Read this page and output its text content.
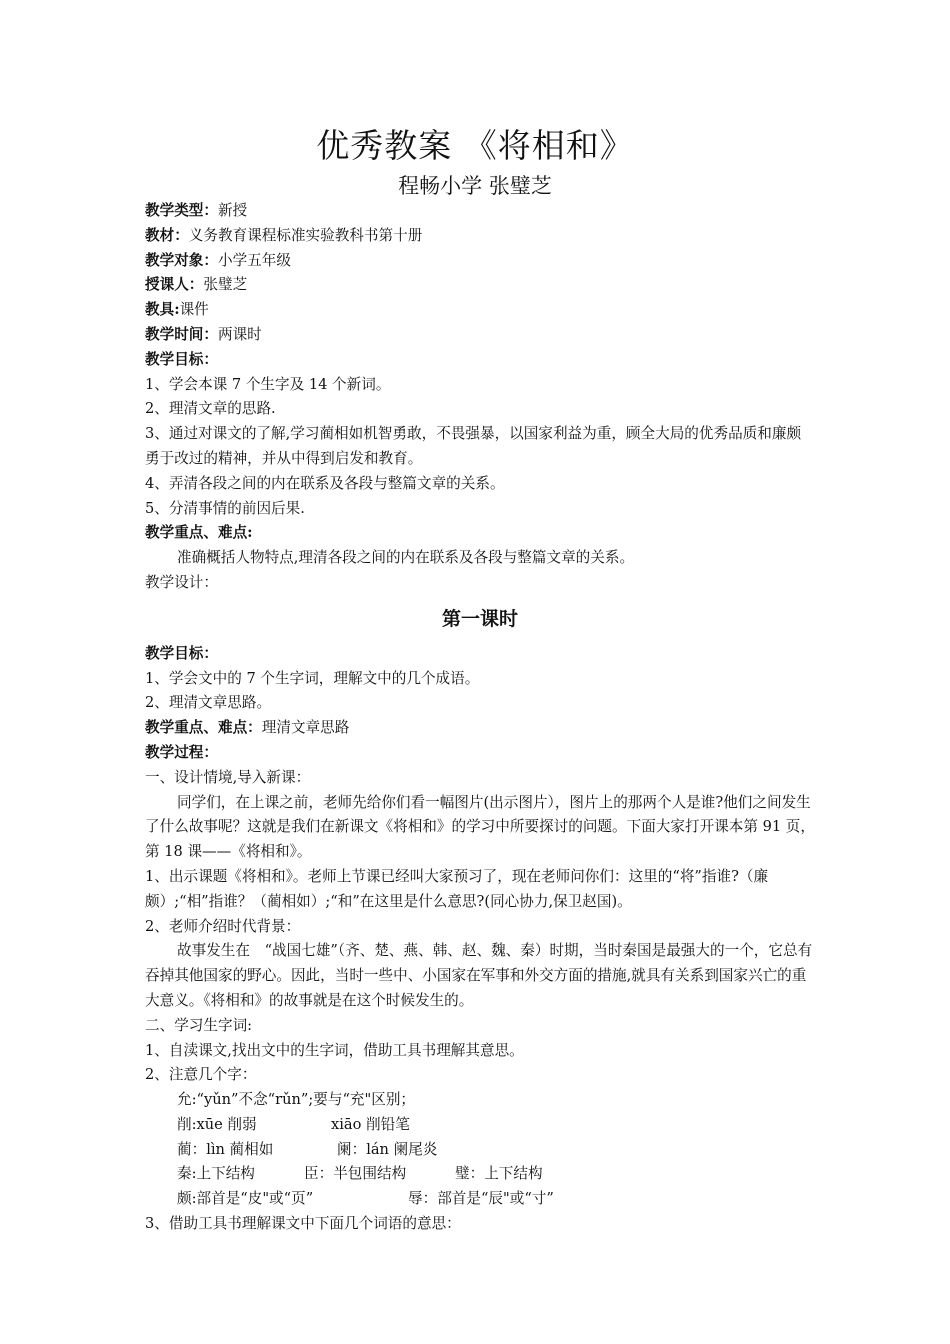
优秀教案 《将相和》
程畅小学 张璧芝

教学类型：新授

教材：义务教育课程标准实验教科书第十册

教学对象：小学五年级

授课人：张璧芝

教具:课件

教学时间：两课时

教学目标：

1、学会本课 7 个生字及 14 个新词。

2、理清文章的思路.

3、通过对课文的了解,学习蔺相如机智勇敢，不畏强暴，以国家利益为重，顾全大局的优秀品质和廉颇勇于改过的精神，并从中得到启发和教育。

4、弄清各段之间的内在联系及各段与整篇文章的关系。

5、分清事情的前因后果.

教学重点、难点:

准确概括人物特点,理清各段之间的内在联系及各段与整篇文章的关系。

教学设计：

第一课时

教学目标：

1、学会文中的 7 个生字词，理解文中的几个成语。

2、理清文章思路。

教学重点、难点：理清文章思路

教学过程：

一、设计情境,导入新课：

同学们，在上课之前，老师先给你们看一幅图片(出示图片），图片上的那两个人是谁?他们之间发生了什么故事呢？这就是我们在新课文《将相和》的学习中所要探讨的问题。下面大家打开课本第 91 页，第 18 课——《将相和》。

1、出示课题《将相和》。老师上节课已经叫大家预习了，现在老师问你们：这里的“将”指谁?（廉颇）;“相”指谁？（蔺相如）;“和”在这里是什么意思?(同心协力,保卫赵国)。

2、老师介绍时代背景：

故事发生在　“战国七雄”（齐、楚、燕、韩、赵、魏、秦）时期，当时秦国是最强大的一个，它总有吞掉其他国家的野心。因此，当时一些中、小国家在军事和外交方面的措施,就具有关系到国家兴亡的重大意义。《将相和》的故事就是在这个时候发生的。

二、学习生字词:

1、自渎课文,找出文中的生字词，借助工具书理解其意思。

2、注意几个字：

允:“yǔn”不念“rǔn”;要与“充"区别；

削:xūe 削弱	xiāo 削铅笔

蔺：lìn 蔺相如	阑：lán 阑尾炎

秦:上下结构	臣：半包围结构	璧：上下结构

颇:部首是“皮"或“页”	辱：部首是“辰"或“寸”

3、借助工具书理解课文中下面几个词语的意思：
